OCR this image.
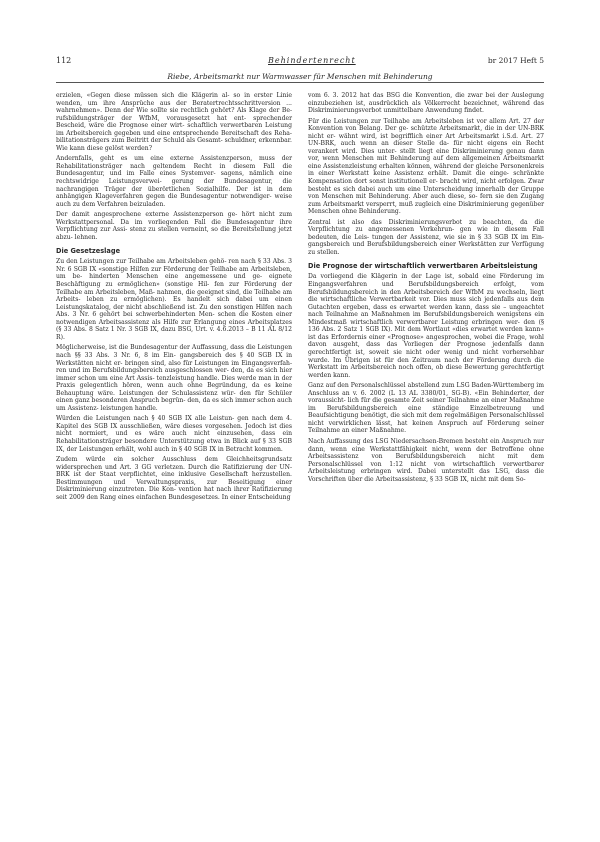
112	Behindertenrecht	br 2017 Heft 5
Riebe, Arbeitsmarkt nur Warmwasser für Menschen mit Behinderung

erzielen, «Gegen diese müssen sich die Klägerin al- so in erster Linie wenden, um ihre Ansprüche aus der Beratertrechtsschrittversion ... wahrnehmen». Denn der Wie sollte sie rechtlich gehört? Als Klage der Be- rufsbildungsträger der WfbM, vorausgesetzt hat ent- sprechender Bescheid, wäre die Prognose einer wirt- schaftlich verwertbaren Leistung im Arbeitsbereich gegeben und eine entsprechende Bereitschaft des Reha- bilitationsträgers zum Beitritt der Schuld als Gesamt- schuldner, erkennbar. Wie kann diese gelöst werden?

Andernfalls, geht es um eine externe Assistenzperson, muss der Rehabilitationsträger nach geltendem Recht in diesem Fall die Bundesagentur, und im Falle eines Systemver- sagens, nämlich eine rechtswidrige Leistungsverwei- gerung der Bundesagentur, die nachrangigen Träger der überörtlichen Sozialhilfe. Der ist in dem anhängigen Klageverfahren gegen die Bundesagentur notwendiger- weise auch zu dem Verfahren beizuladen.

Der damit angesprochene externe Assistenzperson ge- hört nicht zum Werkstattpersonal. Da im vorliegenden Fall die Bundesagentur ihre Verpflichtung zur Assi- stenz zu stellen verneint, so die Bereitstellung jetzt abzu- lehnen.

Die Gesetzeslage

Zu den Leistungen zur Teilhabe am Arbeitsleben gehö- ren nach § 33 Abs. 3 Nr. 6 SGB IX «sonstige Hilfen zur Förderung der Teilhabe am Arbeitsleben, um be- hinderten Menschen eine angemessene und ge- eignete Beschäftigung zu ermöglichen» (sonstige Hil- fen zur Förderung der Teilhabe am Arbeitsleben, Maß- nahmen, die geeignet sind, die Teilhabe am Arbeits- leben zu ermöglichen). Es handelt sich dabei um einen Leistungskatalog, der nicht abschließend ist. Zu den sonstigen Hilfen nach Abs. 3 Nr. 6 gehört bei schwerbehinderten Men- schen die Kosten einer notwendigen Arbeitsassistenz als Hilfe zur Erlangung eines Arbeitsplatzes (§ 33 Abs. 8 Satz 1 Nr. 3 SGB IX, dazu BSG, Urt. v. 4.6.2013 – B 11 AL 8/12 R).

Möglicherweise, ist die Bundesagentur der Auffassung, dass die Leistungen nach §§ 33 Abs. 3 Nr. 6, 8 im Ein- gangsbereich des § 40 SGB IX in Werkstätten nicht er- bringen sind, also für Leistungen im Eingangsverfah- ren und im Berufsbildungsbereich ausgeschlossen wer- den, da es sich hier immer schon um eine Art Assis- tenzleistung handle. Dies werde man in der Praxis gelegentlich hören, wenn auch ohne Begründung, da es keine Behauptung wäre. Leistungen der Schulassistenz wür- den für Schüler einen ganz besonderen Anspruch begrün- den, da es sich immer schon auch um Assistenz- leistungen handle.

Würden die Leistungen nach § 40 SGB IX alle Leistun- gen nach dem 4. Kapitel des SGB IX ausschließen, wäre dieses vorgesehen. Jedoch ist dies nicht normiert, und es wäre auch nicht einzusehen, dass ein Rehabilitationsträger besondere Unterstützung etwa in Blick auf § 33 SGB IX, der Leistungen erhält, wohl auch in § 40 SGB IX in Betracht kommen.

Zudem würde ein solcher Ausschluss dem Gleichheitsgrundsatz widersprechen und Art. 3 GG verletzen. Durch die Ratifizierung der UN-BRK ist der Staat verpflichtet, eine inklusive Gesellschaft herzustellen. Bestimmungen und Verwaltungspraxis, zur Beseitigung einer Diskriminierung einzutreten. Die Kon- vention hat nach ihrer Ratifizierung seit 2009 den Rang eines einfachen Bundesgesetzes. In einer Entscheidung

vom 6. 3. 2012 hat das BSG die Konvention, die zwar bei der Auslegung einzubeziehen ist, ausdrücklich als Völkerrecht bezeichnet, während das Diskriminierungsverbot unmittelbare Anwendung findet.

Für die Leistungen zur Teilhabe am Arbeitsleben ist vor allem Art. 27 der Konvention von Belang. Der ge- schützte Arbeitsmarkt, die in der UN-BRK nicht er- wähnt wird, ist begrifflich einer Art Arbeitsmarkt i.S.d. Art. 27 UN-BRK, auch wenn an dieser Stelle da- für nicht eigens ein Recht verankert wird. Dies unter- stellt liegt eine Diskriminierung genau dann vor, wenn Menschen mit Behinderung auf dem allgemeinen Arbeitsmarkt eine Assistenzleistung erhalten können, während der gleiche Personenkreis in einer Werkstatt keine Assistenz erhält. Damit die einge- schränkte Kompensation dort sonst institutionell er- bracht wird, nicht erfolgen. Zwar besteht es sich dabei auch um eine Unterscheidung innerhalb der Gruppe von Menschen mit Behinderung. Aber auch diese, so- fern sie den Zugang zum Arbeitsmarkt versperrt, muß zugleich eine Diskriminierung gegenüber Menschen ohne Behinderung.

Zentral ist also das Diskriminierungsverbot zu beachten, da die Verpflichtung zu angemessenen Vorkehrun- gen wie in diesem Fall bedeuten, die Leis- tungen der Assistenz, wie sie in § 33 SGB IX im Ein- gangsbereich und Berufsbildungsbereich einer Werkstätten zur Verfügung zu stellen.

Die Prognose der wirtschaftlich verwertbaren Arbeitsleistung

Da vorliegend die Klägerin in der Lage ist, sobald eine Förderung im Eingangsverfahren und Berufsbildungsbereich erfolgt, vom Berufsbildungsbereich in den Arbeitsbereich der WfbM zu wechseln, liegt die wirtschaftliche Verwertbarkeit vor. Dies muss sich jedenfalls aus dem Gutachten ergeben, dass es erwartet werden kann, dass sie – ungeachtet nach Teilnahme an Maßnahmen im Berufsbildungsbereich wenigstens ein Mindestmaß wirtschaftlich verwertbarer Leistung erbringen wer- den (§ 136 Abs. 2 Satz 1 SGB IX). Mit dem Wortlaut «dies erwartet werden kann» ist das Erfordernis einer «Prognose» angesprochen, wobei die Frage, wohl davon ausgeht, dass das Vorliegen der Prognose jedenfalls dann gerechtfertigt ist, soweit sie nicht oder wenig und nicht vorhersehbar wurde. Im Übrigen ist für den Zeitraum nach der Förderung durch die Werkstatt im Arbeitsbereich noch offen, ob diese Bewertung gerechtfertigt werden kann.

Ganz auf den Personalschlüssel abstellend zum LSG Baden-Württemberg im Anschluss an v. 6. 2002 (L 13 AL 3380/01, SG-B). «Ein Behinderter, der voraussicht- lich für die gesamte Zeit seiner Teilnahme an einer Maßnahme im Berufsbildungsbereich eine ständige Einzelbetreuung und Beaufsichtigung benötigt, die sich mit dem regelmäßigen Personalschlüssel nicht verwirklichen lässt, hat keinen Anspruch auf Förderung seiner Teilnahme an einer Maßnahme.

Nach Auffassung des LSG Niedersachsen-Bremen besteht ein Anspruch nur dann, wenn eine Werkstattfähigkeit nicht, wenn der Betroffene ohne Arbeitsassistenz von Berufsbildungsbereich nicht mit dem Personalschlüssel von 1:12 nicht von wirtschaftlich verwertbarer Arbeitsleistung erbringen wird. Dabei unterstellt das LSG, dass die Vorschriften über die Arbeitsassistenz, § 33 SGB IX, nicht mit dem So-
